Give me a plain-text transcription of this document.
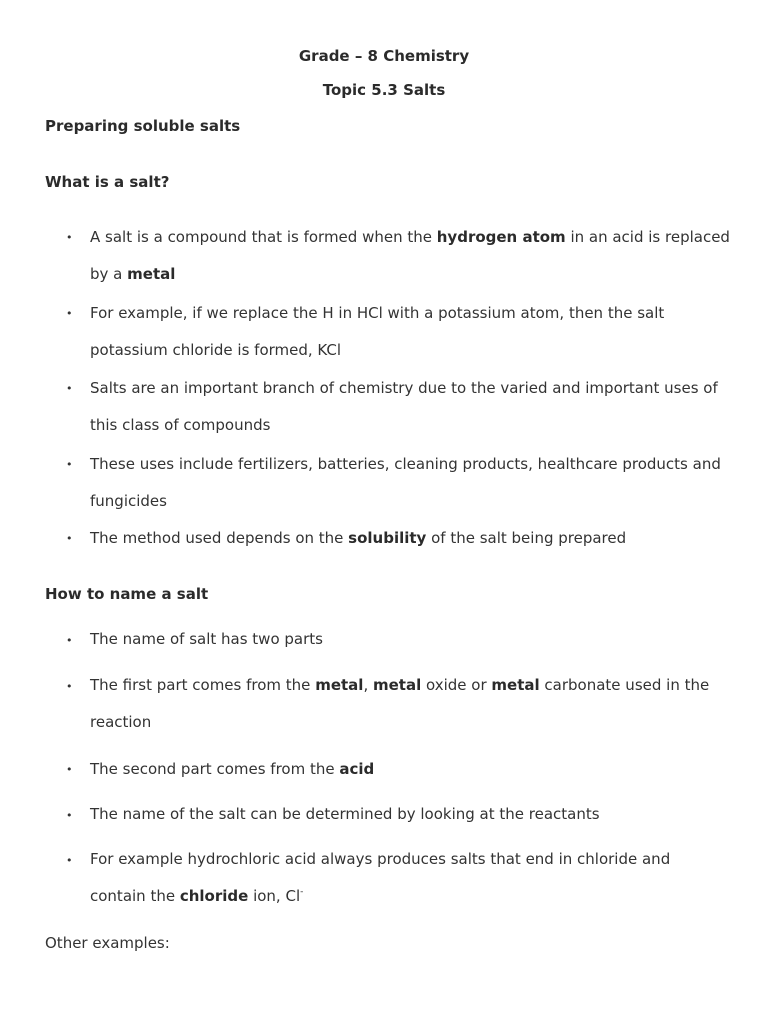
Grade – 8 Chemistry
Topic 5.3 Salts
Preparing soluble salts
What is a salt?
• A salt is a compound that is formed when the hydrogen atom in an acid is replaced by a metal
• For example, if we replace the H in HCl with a potassium atom, then the salt potassium chloride is formed, KCl
• Salts are an important branch of chemistry due to the varied and important uses of this class of compounds
• These uses include fertilizers, batteries, cleaning products, healthcare products and fungicides
• The method used depends on the solubility of the salt being prepared
How to name a salt
• The name of salt has two parts
• The first part comes from the metal, metal oxide or metal carbonate used in the reaction
• The second part comes from the acid
• The name of the salt can be determined by looking at the reactants
• For example hydrochloric acid always produces salts that end in chloride and contain the chloride ion, Cl-
Other examples:
